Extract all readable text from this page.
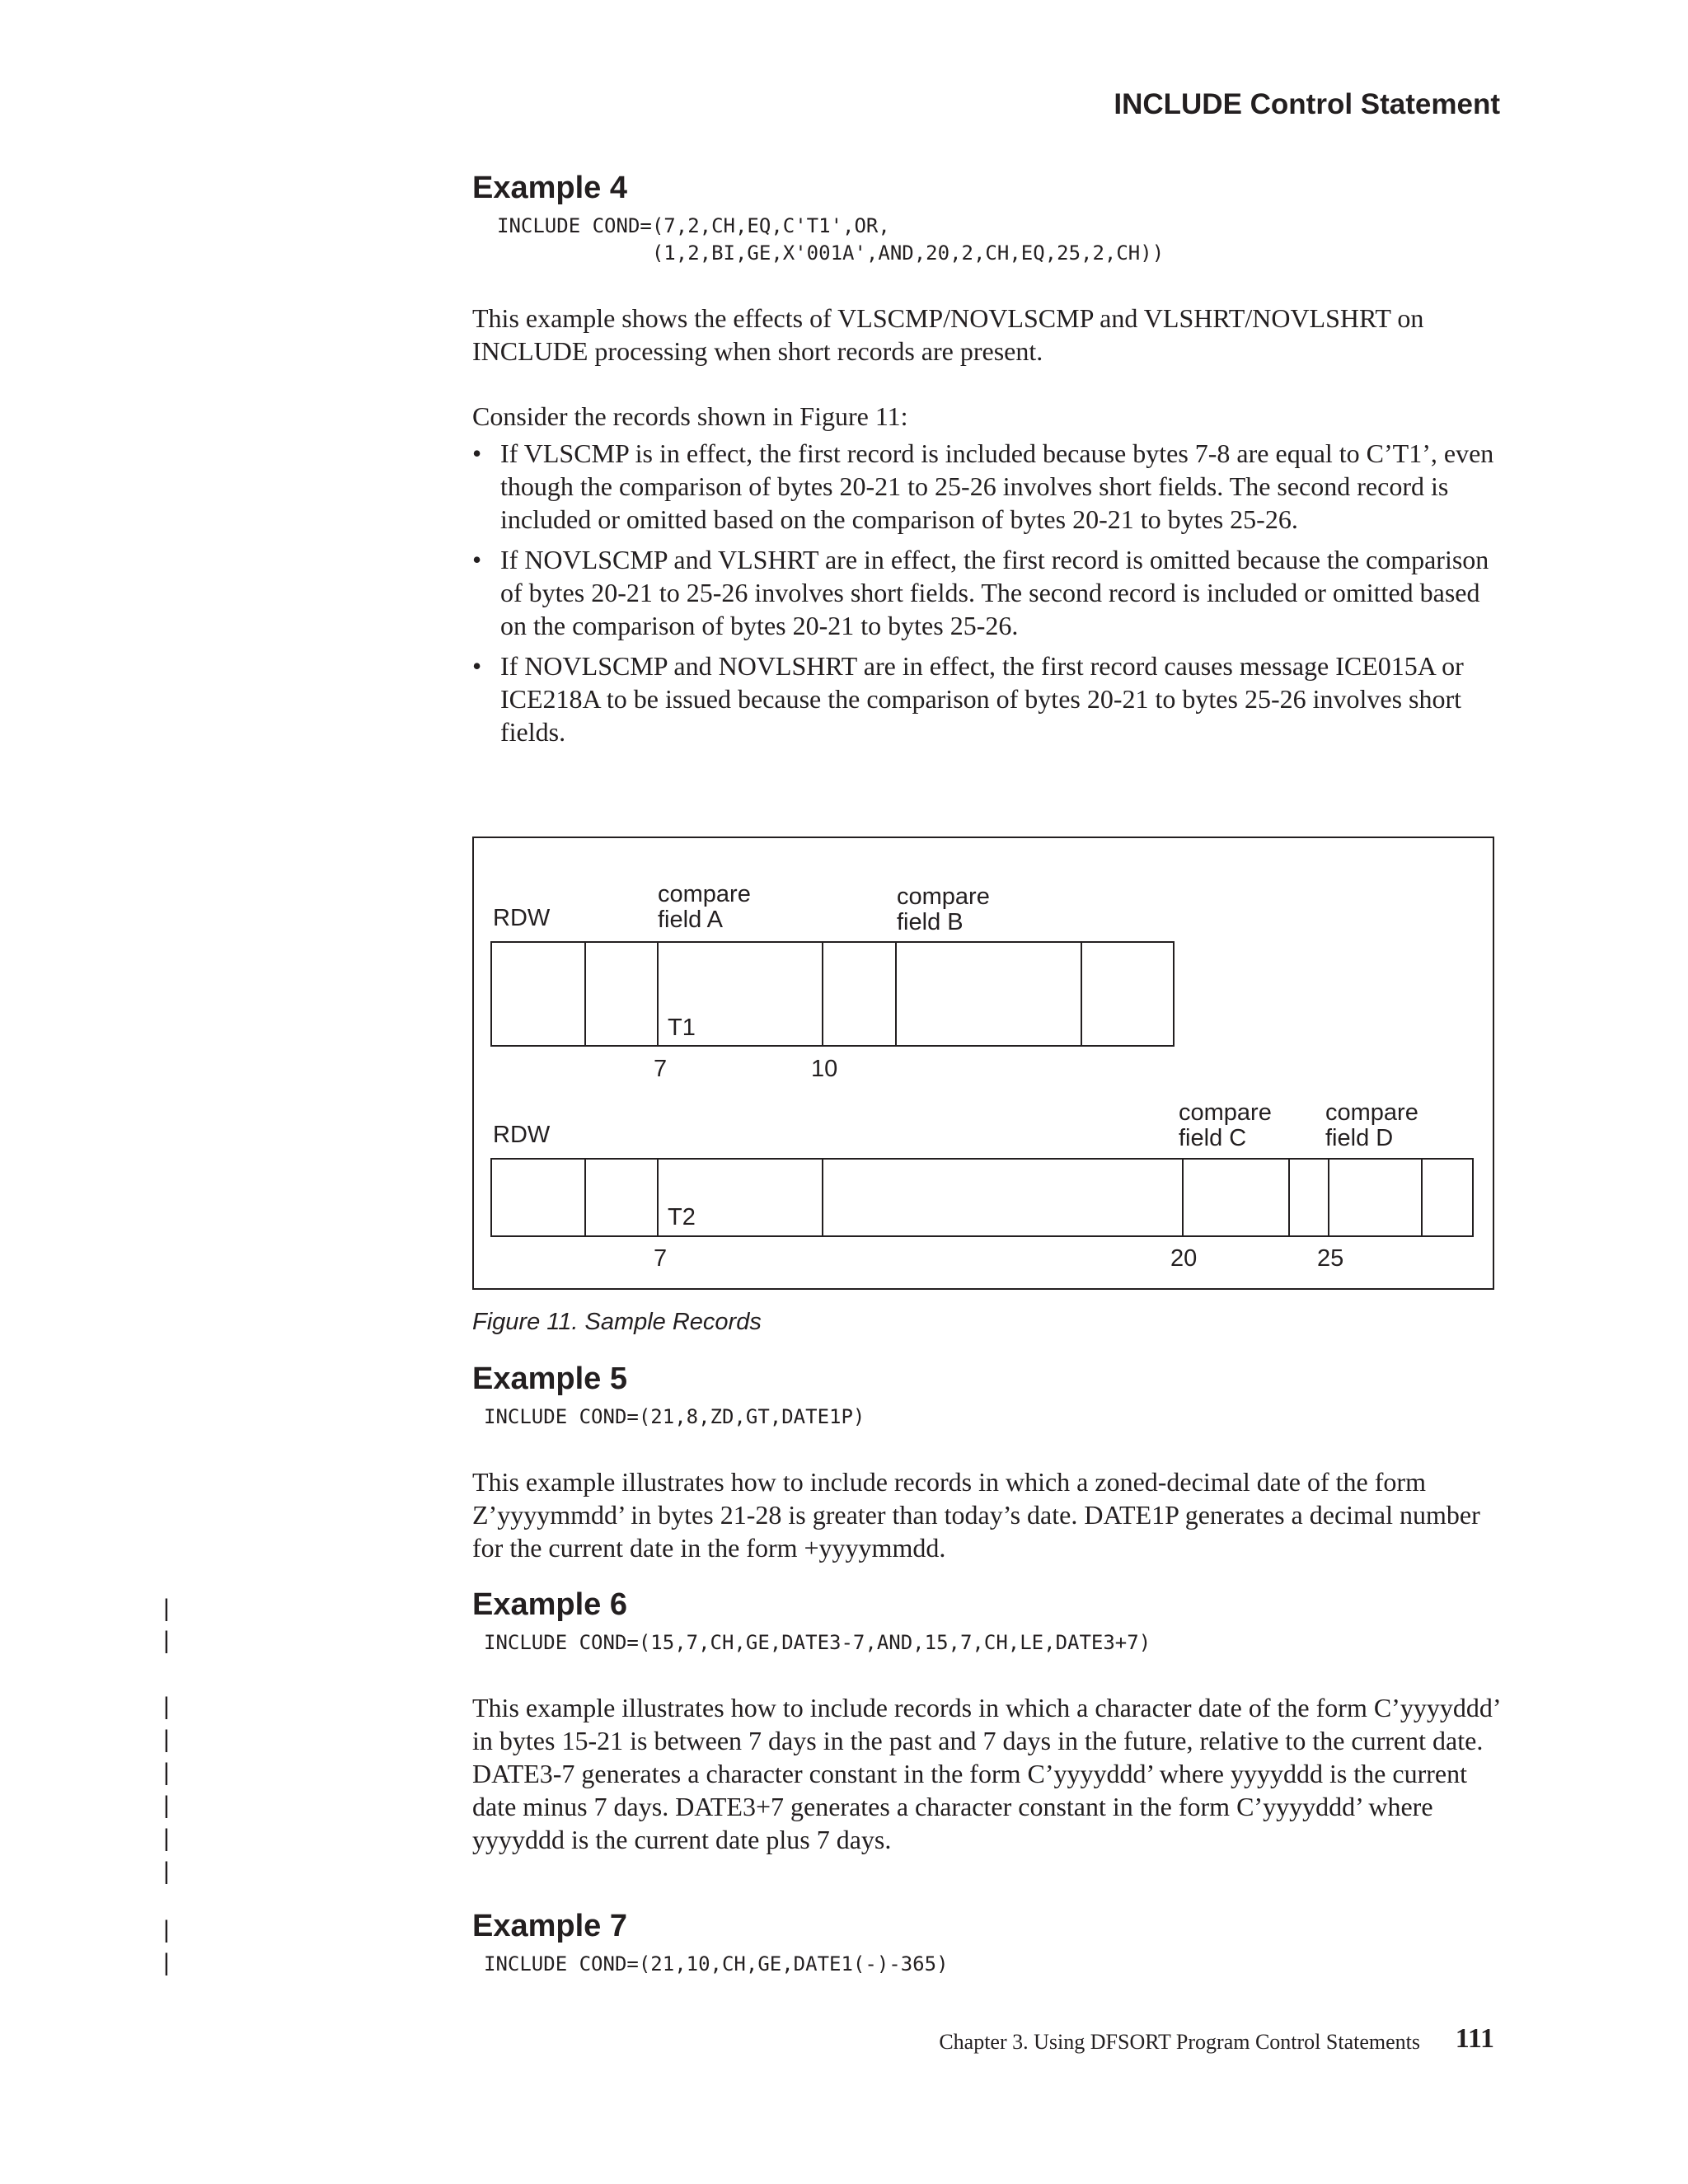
INCLUDE Control Statement
Example 4
INCLUDE COND=(7,2,CH,EQ,C'T1',OR,
(1,2,BI,GE,X'001A',AND,20,2,CH,EQ,25,2,CH))
This example shows the effects of VLSCMP/NOVLSCMP and VLSHRT/NOVLSHRT on INCLUDE processing when short records are present.
Consider the records shown in Figure 11:
• If VLSCMP is in effect, the first record is included because bytes 7-8 are equal to C’T1’, even though the comparison of bytes 20-21 to 25-26 involves short fields. The second record is included or omitted based on the comparison of bytes 20-21 to bytes 25-26.
• If NOVLSCMP and VLSHRT are in effect, the first record is omitted because the comparison of bytes 20-21 to 25-26 involves short fields. The second record is included or omitted based on the comparison of bytes 20-21 to bytes 25-26.
• If NOVLSCMP and NOVLSHRT are in effect, the first record causes message ICE015A or ICE218A to be issued because the comparison of bytes 20-21 to bytes 25-26 involves short fields.
RDW
compare
field A
compare
field B
T1
7	10
RDW
compare
field C
compare
field D
T2
7	20	25
Figure 11. Sample Records
Example 5
INCLUDE COND=(21,8,ZD,GT,DATE1P)
This example illustrates how to include records in which a zoned-decimal date of the form Z’yyyymmdd’ in bytes 21-28 is greater than today’s date. DATE1P generates a decimal number for the current date in the form +yyyymmdd.
Example 6
INCLUDE COND=(15,7,CH,GE,DATE3-7,AND,15,7,CH,LE,DATE3+7)
This example illustrates how to include records in which a character date of the form C’yyyyddd’ in bytes 15-21 is between 7 days in the past and 7 days in the future, relative to the current date. DATE3-7 generates a character constant in the form C’yyyyddd’ where yyyyddd is the current date minus 7 days. DATE3+7 generates a character constant in the form C’yyyyddd’ where yyyyddd is the current date plus 7 days.
Example 7
INCLUDE COND=(21,10,CH,GE,DATE1(-)-365)
|
|
|
|
|
|
|
|
|
|
Chapter 3. Using DFSORT Program Control Statements 111
